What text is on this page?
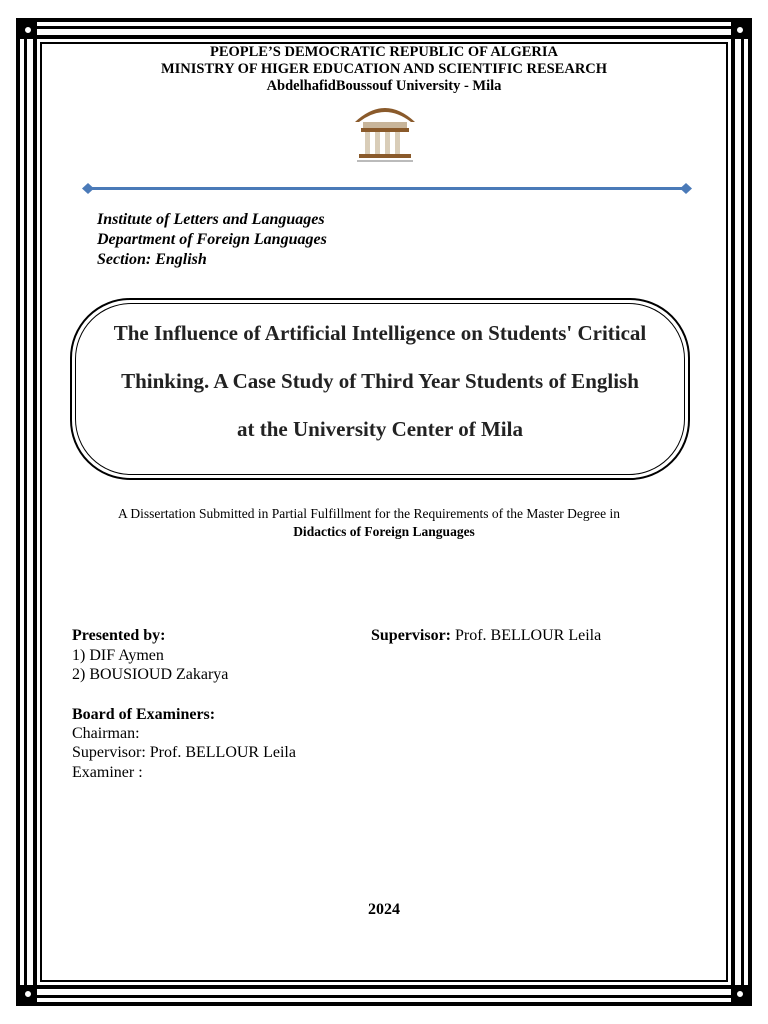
PEOPLE’S DEMOCRATIC REPUBLIC OF ALGERIA
MINISTRY OF HIGER EDUCATION AND SCIENTIFIC RESEARCH
AbdelhafidBoussouf University - Mila
Institute of Letters and Languages
Department of Foreign Languages
Section: English
The Influence of Artificial Intelligence on Students' Critical
Thinking. A Case Study of Third Year Students of English
at the University Center of Mila
A Dissertation Submitted in Partial Fulfillment for the Requirements of the Master Degree in
Didactics of Foreign Languages
Presented by:
1) DIF Aymen
2) BOUSIOUD Zakarya
Supervisor: Prof. BELLOUR Leila
Board of Examiners:
Chairman:
Supervisor: Prof. BELLOUR Leila
Examiner :
2024
